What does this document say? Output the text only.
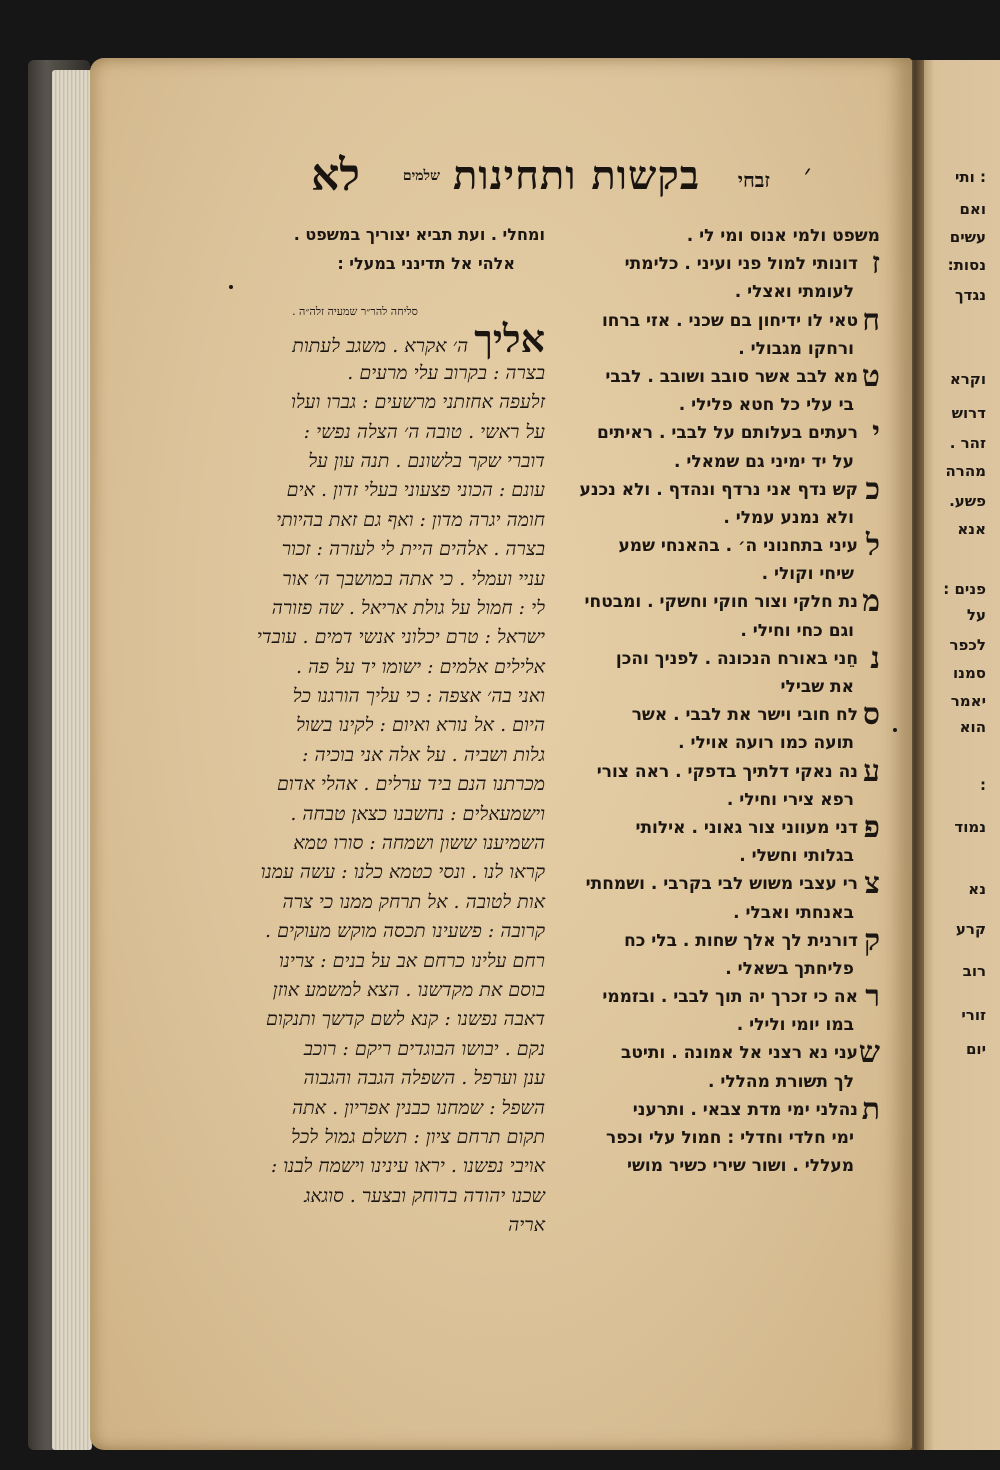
: ותי
ואם
עשים
נסות:
נגדך
וקרא
דרוש
זהר .
מהרה
פשע.
אנא
פנים :
על
לכפר
סמנו
יאמר
הוא
:
נמוד
נא
קרע
רוב
זורי
יום
׳
זבחי
בקשות ותחינות
שלמים
לא
משפט ולמי אנוס ומי לי .
זדונותי למול פני ועיני . כלימתי
לעומתי ואצלי .
חטאי לו ידיחון בם שכני . אזי ברחו
ורחקו מגבולי .
טמא לבב אשר סובב ושובב . לבבי
בי עלי כל חטא פלילי .
ירעתים בעלותם על לבבי . ראיתים
על יד ימיני גם שמאלי .
כקש נדף אני נרדף ונהדף . ולא נכנע
ולא נמנע עמלי .
לעיני בתחנוני ה׳ . בהאנחי שמע
שיחי וקולי .
מנת חלקי וצור חוקי וחשקי . ומבטחי
וגם כחי וחילי .
נחֵני באורח הנכונה . לפניך והכן
את שבילי
סלח חובי וישר את לבבי . אשר
תועה כמו רועה אוילי .
ענה נאקי דלתיך בדפקי . ראה צורי
רפא צירי וחילי .
פדני מעווני צור גאוני . אילותי
בגלותי וחשלי .
צרי עצבי משוש לבי בקרבי . ושמחתי
באנחתי ואבלי .
קדורנית לך אלך שחות . בלי כח
פליחתך בשאלי .
ראה כי זכרך יה תוך לבבי . ובזממי
במו יומי ולילי .
שעני נא רצני אל אמונה . ותיטב
לך תשורת מהללי .
תנהלני ימי מדת צבאי . ותרעני
ימי חלדי וחדלי : חמול עלי וכפר
מעללי . ושור שירי כשיר מושי
ומחלי . ועת תביא יצוריך במשפט .
אלהי אל תדינני במעלי :
סליחה להר״ר שמעיה זלה״ה .
אליך ה׳ אקרא . משגב לעתות
בצרה : בקרוב עלי מרעים .
זלעפה אחזתני מרשעים : גברו ועלו
על ראשי . טובה ה׳ הצלה נפשי :
דוברי שקר בלשונם . תנה עון על
עונם : הכוני פצעוני בעלי זדון . אים
חומה יגרה מדון : ואף גם זאת בהיותי
בצרה . אלהים היית לי לעזרה : זכור
עניי ועמלי . כי אתה במושבך ה׳ אור
לי : חמול על גולת אריאל . שה פזורה
ישראל : טרם יכלוני אנשי דמים . עובדי
אלילים אלמים : ישומו יד על פה .
ואני בה׳ אצפה : כי עליך הורגנו כל
היום . אל נורא ואיום : לקינו בשול
גלות ושביה . על אלה אני בוכיה :
מכרתנו הנם ביד ערלים . אהלי אדום
וישמעאלים : נחשבנו כצאן טבחה .
השמיענו ששון ושמחה : סורו טמא
קראו לנו . ונסי כטמא כלנו : עשה עמנו
אות לטובה . אל תרחק ממנו כי צרה
קרובה : פשעינו תכסה מוקש מעוקים .
רחם עלינו כרחם אב על בנים : צרינו
בוסם את מקדשנו . הצא למשמע אוזן
דאבה נפשנו : קנא לשם קדשך ותנקום
נקם . יבושו הבוגדים ריקם : רוכב
ענן וערפל . השפלה הגבה והגבוה
השפל : שמחנו כבנין אפריון . אתה
תקום תרחם ציון : תשלם גמול לכל
אויבי נפשנו . יראו עינינו וישמח לבנו :
שכנו יהודה בדוחק ובצער . סוגאג
אריה
